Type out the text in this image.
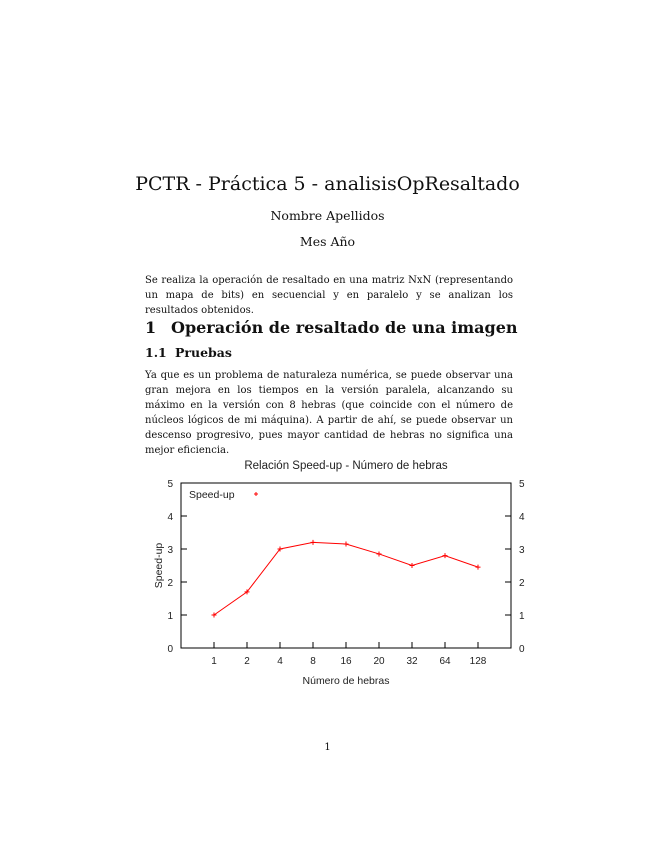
PCTR - Práctica 5 - analisisOpResaltado
Nombre Apellidos
Mes Año
Se realiza la operación de resaltado en una matriz NxN (representando un mapa de bits) en secuencial y en paralelo y se analizan los resultados obtenidos.
1 Operación de resaltado de una imagen
1.1 Pruebas
Ya que es un problema de naturaleza numérica, se puede observar una gran mejora en los tiempos en la versión paralela, alcanzando su máximo en la versión con 8 hebras (que coincide con el número de núcleos lógicos de mi máquina). A partir de ahí, se puede observar un descenso progresivo, pues mayor cantidad de hebras no significa una mejor eficiencia.
Relación Speed-up - Número de hebras
0	0
1	1
2	2
3	3
4	4
5	5
1	2	4	8 16 20 32 64 128
Número de hebras
Speed-up
Speed-up
1
